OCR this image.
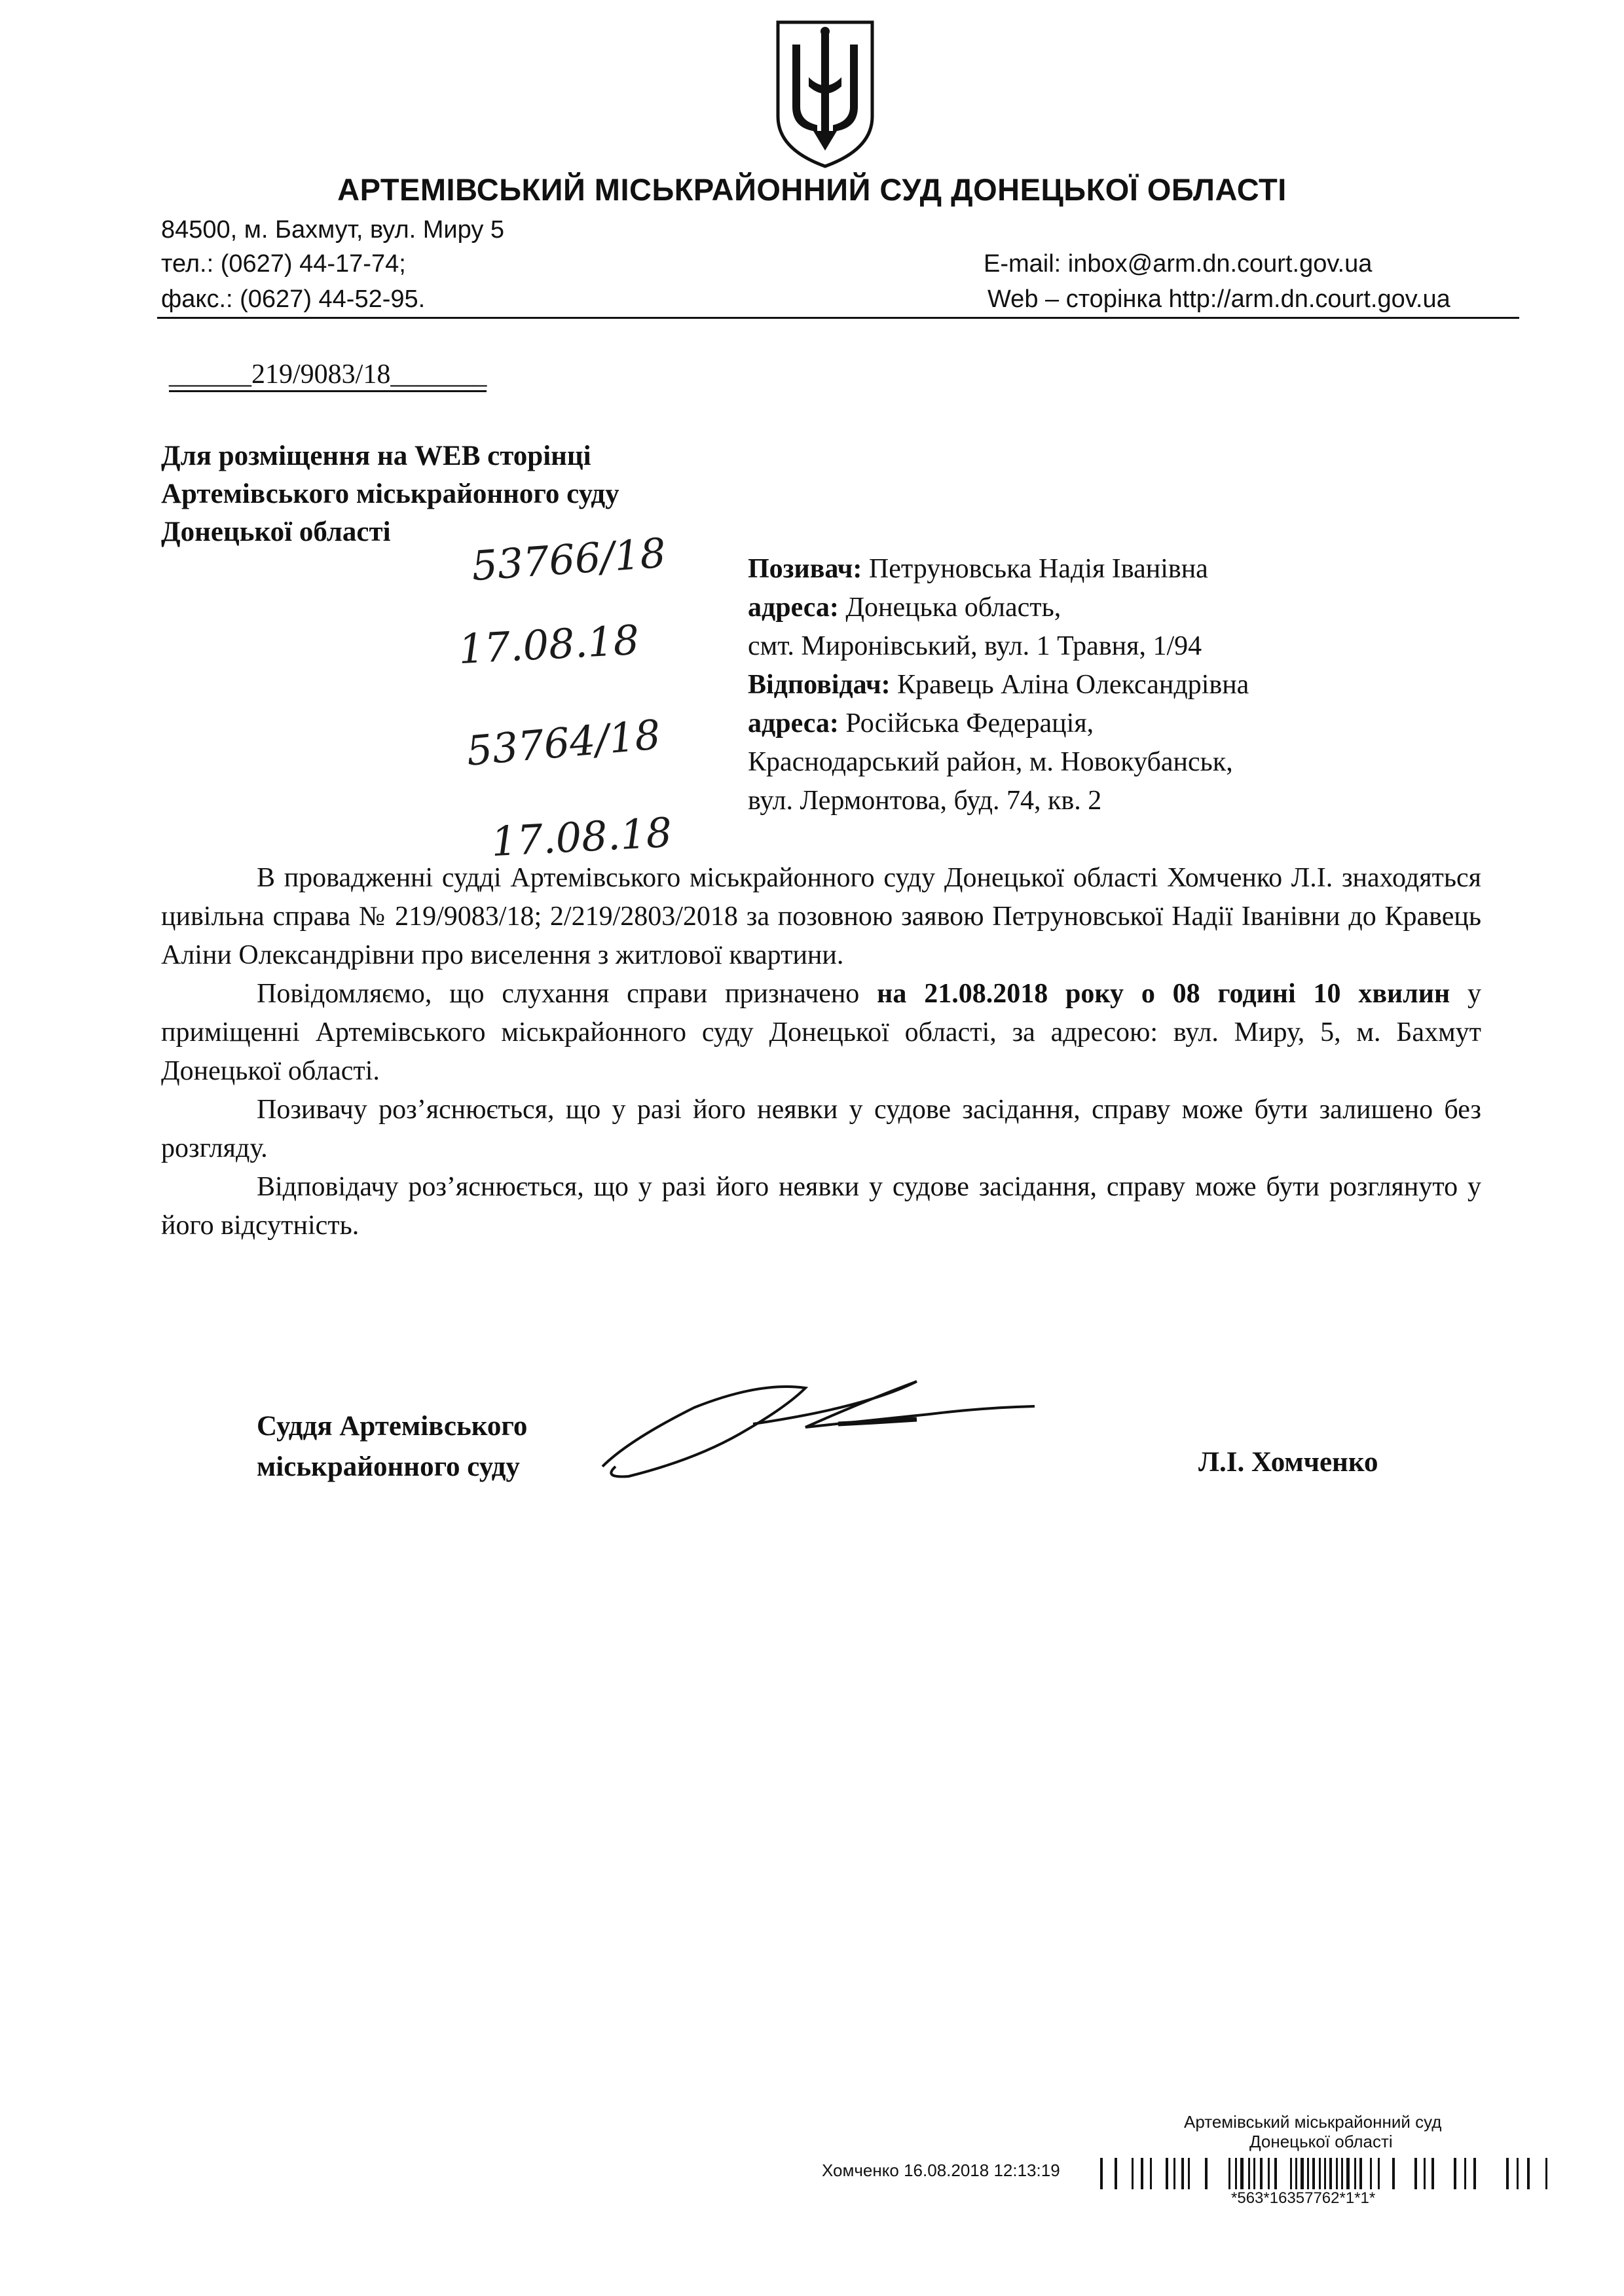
АРТЕМІВСЬКИЙ МІСЬКРАЙОННИЙ СУД ДОНЕЦЬКОЇ ОБЛАСТІ
84500, м. Бахмут, вул. Миру 5
тел.: (0627) 44-17-74;
факс.: (0627) 44-52-95.
E-mail: inbox@arm.dn.court.gov.ua
Web – сторінка http://arm.dn.court.gov.ua
______219/9083/18_______
Для розміщення на WEB сторінці
Артемівського міськрайонного суду
Донецької області	53766/18
17.08.18
53764/18
17.08.18
Позивач: Петруновська Надія Іванівна
адреса: Донецька область,
смт. Миронівський, вул. 1 Травня, 1/94
Відповідач: Кравець Аліна Олександрівна
адреса: Російська Федерація,
Краснодарський район, м. Новокубанськ,
вул. Лермонтова, буд. 74, кв. 2

В провадженні судді Артемівського міськрайонного суду Донецької області Хомченко Л.І. знаходяться цивільна справа № 219/9083/18; 2/219/2803/2018 за позовною заявою Петруновської Надії Іванівни до Кравець Аліни Олександрівни про виселення з житлової квартини.

Повідомляємо, що слухання справи призначено на 21.08.2018 року о 08 годині 10 хвилин у приміщенні Артемівського міськрайонного суду Донецької області, за адресою: вул. Миру, 5, м. Бахмут Донецької області.

Позивачу роз’яснюється, що у разі його неявки у судове засідання, справу може бути залишено без розгляду.

Відповідачу роз’яснюється, що у разі його неявки у судове засідання, справу може бути розглянуто у його відсутність.

Суддя Артемівського
міськрайонного суду	Л.І. Хомченко
Артемівський міськрайонний суд
Донецької області
Хомченко 16.08.2018 12:13:19
*563*16357762*1*1*
